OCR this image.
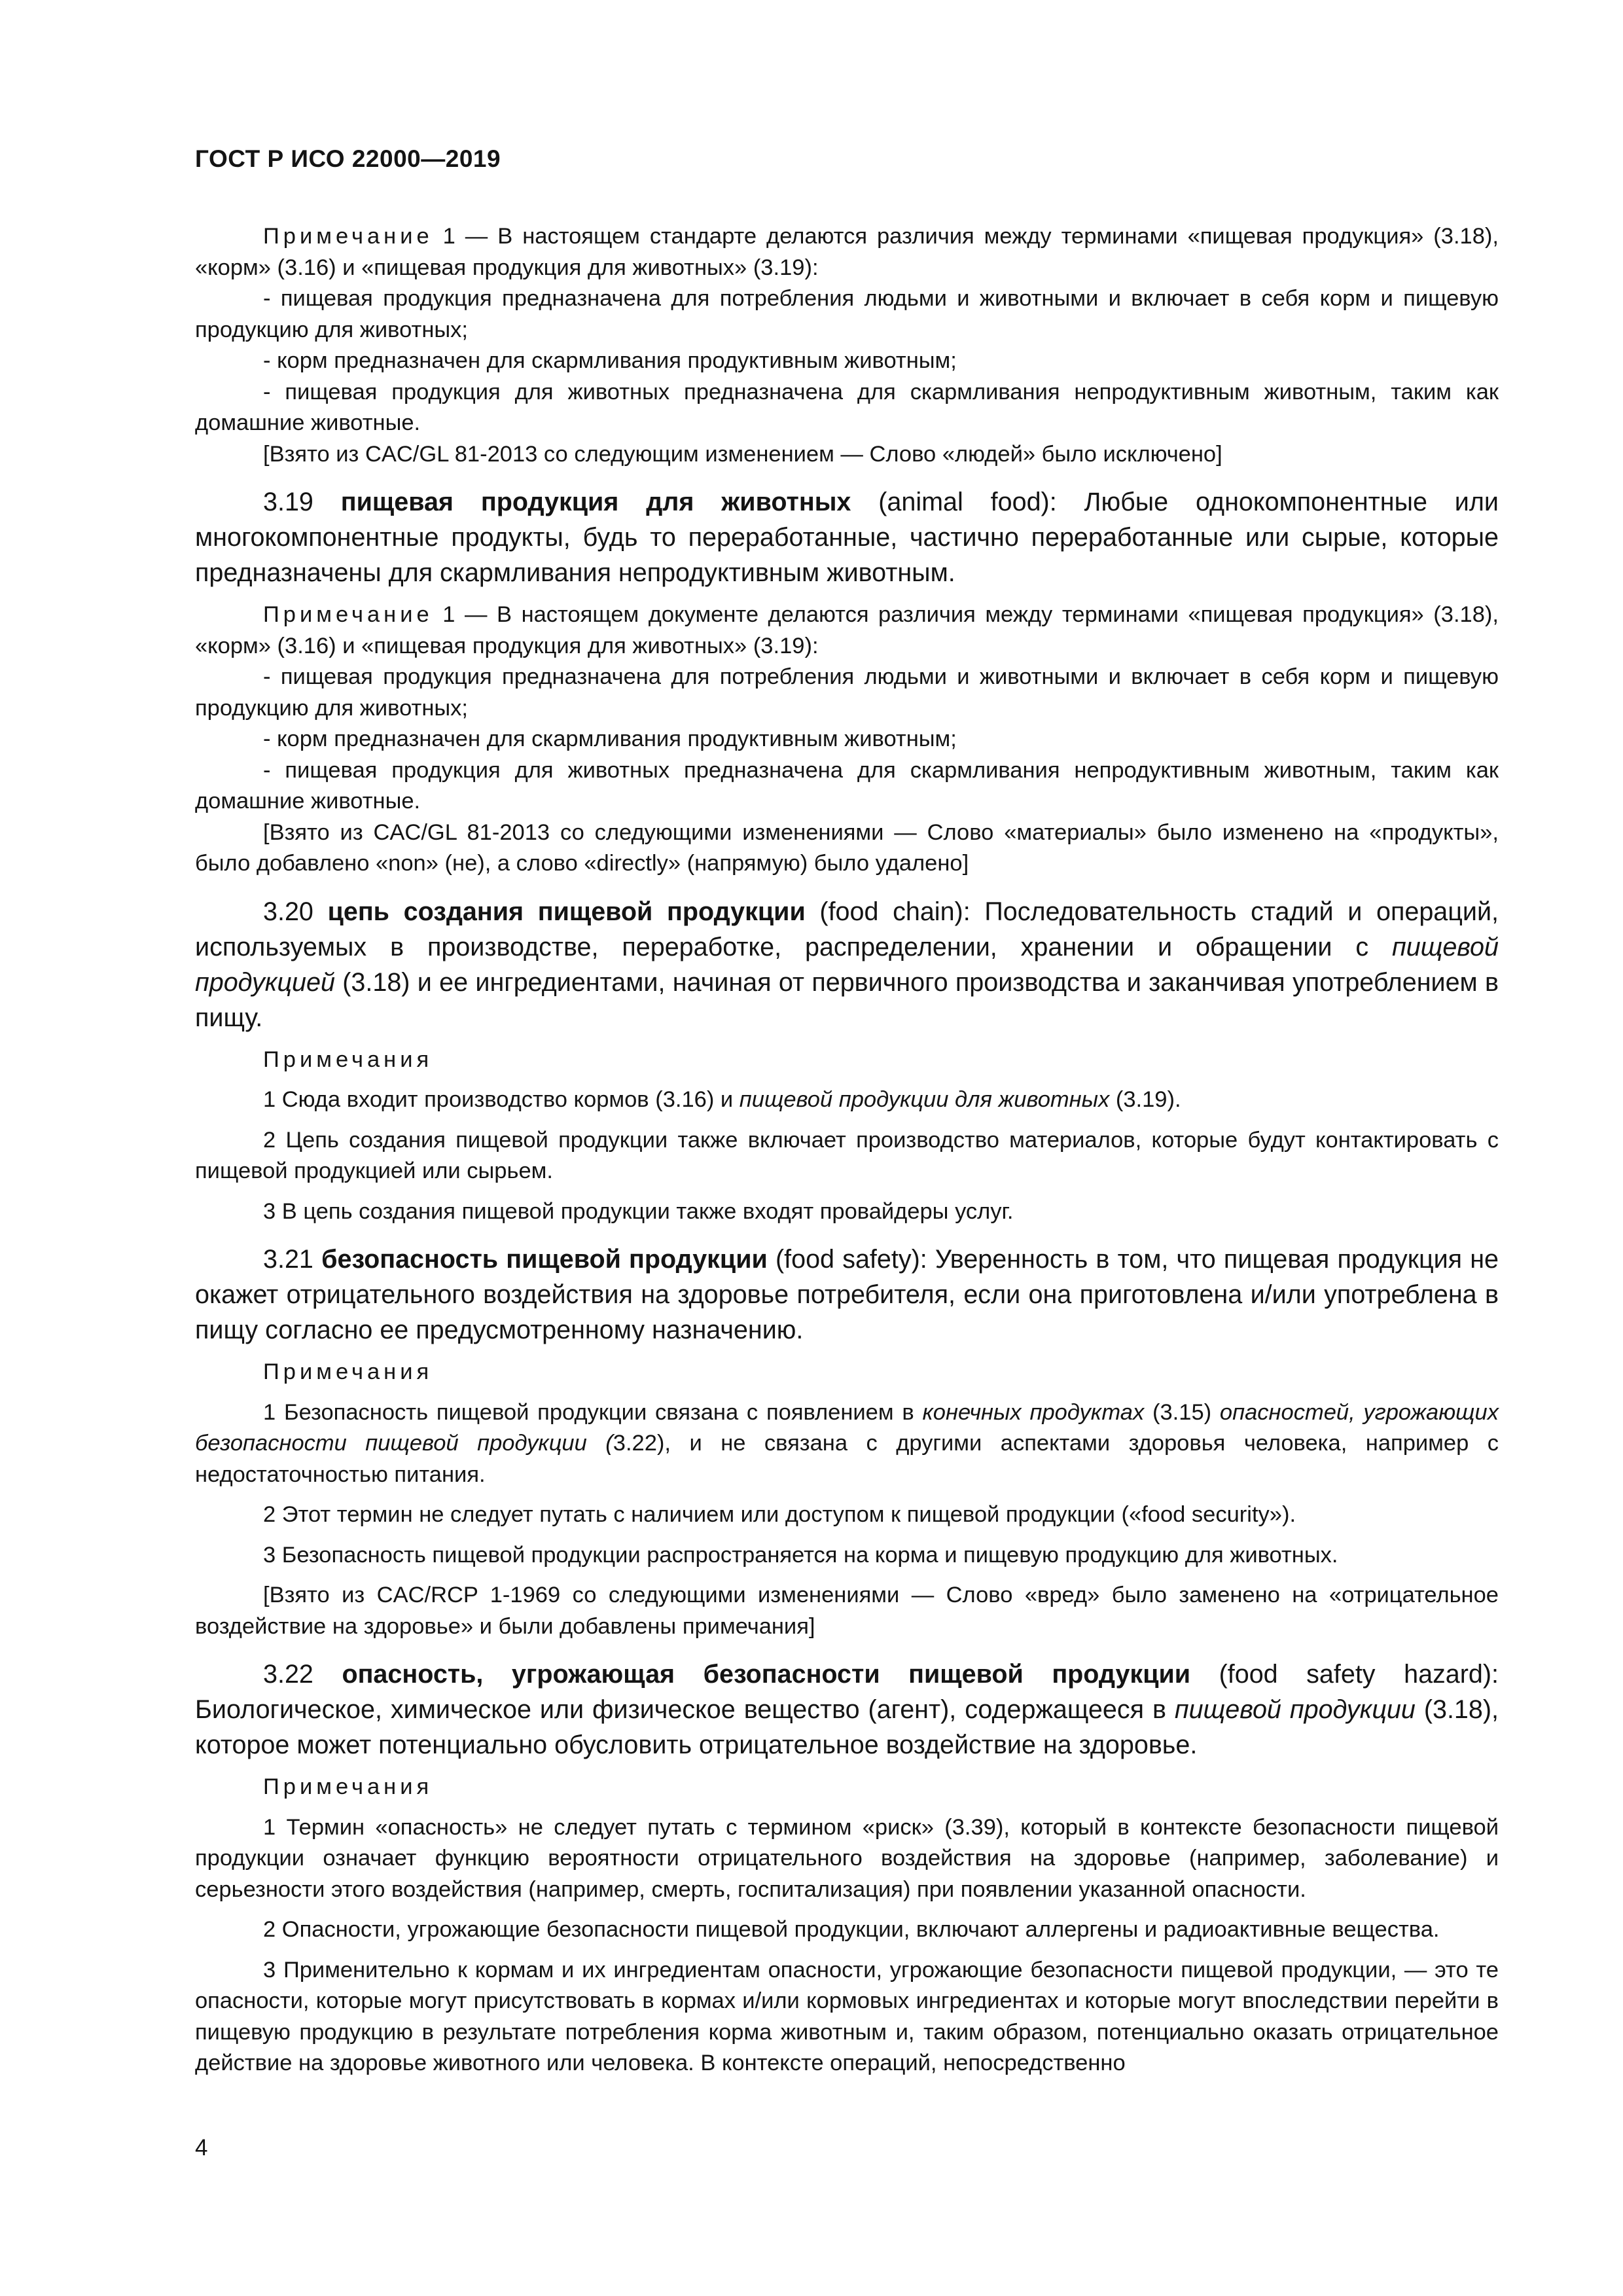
ГОСТ Р ИСО 22000—2019

Примечание 1 — В настоящем стандарте делаются различия между терминами «пищевая продукция» (3.18), «корм» (3.16) и «пищевая продукция для животных» (3.19):

- пищевая продукция предназначена для потребления людьми и животными и включает в себя корм и пищевую продукцию для животных;

- корм предназначен для скармливания продуктивным животным;

- пищевая продукция для животных предназначена для скармливания непродуктивным животным, таким как домашние животные.

[Взято из CAC/GL 81-2013 со следующим изменением — Слово «людей» было исключено]

3.19 пищевая продукция для животных (animal food): Любые однокомпонентные или многокомпонентные продукты, будь то переработанные, частично переработанные или сырые, которые предназначены для скармливания непродуктивным животным.

Примечание 1 — В настоящем документе делаются различия между терминами «пищевая продукция» (3.18), «корм» (3.16) и «пищевая продукция для животных» (3.19):

- пищевая продукция предназначена для потребления людьми и животными и включает в себя корм и пищевую продукцию для животных;

- корм предназначен для скармливания продуктивным животным;

- пищевая продукция для животных предназначена для скармливания непродуктивным животным, таким как домашние животные.

[Взято из CAC/GL 81-2013 со следующими изменениями — Слово «материалы» было изменено на «продукты», было добавлено «non» (не), а слово «directly» (напрямую) было удалено]

3.20 цепь создания пищевой продукции (food chain): Последовательность стадий и операций, используемых в производстве, переработке, распределении, хранении и обращении с пищевой продукцией (3.18) и ее ингредиентами, начиная от первичного производства и заканчивая употреблением в пищу.

Примечания

1 Сюда входит производство кормов (3.16) и пищевой продукции для животных (3.19).

2 Цепь создания пищевой продукции также включает производство материалов, которые будут контактировать с пищевой продукцией или сырьем.

3 В цепь создания пищевой продукции также входят провайдеры услуг.

3.21 безопасность пищевой продукции (food safety): Уверенность в том, что пищевая продукция не окажет отрицательного воздействия на здоровье потребителя, если она приготовлена и/или употреблена в пищу согласно ее предусмотренному назначению.

Примечания

1 Безопасность пищевой продукции связана с появлением в конечных продуктах (3.15) опасностей, угрожающих безопасности пищевой продукции (3.22), и не связана с другими аспектами здоровья человека, например с недостаточностью питания.

2 Этот термин не следует путать с наличием или доступом к пищевой продукции («food security»).

3 Безопасность пищевой продукции распространяется на корма и пищевую продукцию для животных.

[Взято из CAC/RCP 1-1969 со следующими изменениями — Слово «вред» было заменено на «отрицательное воздействие на здоровье» и были добавлены примечания]

3.22 опасность, угрожающая безопасности пищевой продукции (food safety hazard): Биологическое, химическое или физическое вещество (агент), содержащееся в пищевой продукции (3.18), которое может потенциально обусловить отрицательное воздействие на здоровье.

Примечания

1 Термин «опасность» не следует путать с термином «риск» (3.39), который в контексте безопасности пищевой продукции означает функцию вероятности отрицательного воздействия на здоровье (например, заболевание) и серьезности этого воздействия (например, смерть, госпитализация) при появлении указанной опасности.

2 Опасности, угрожающие безопасности пищевой продукции, включают аллергены и радиоактивные вещества.

3 Применительно к кормам и их ингредиентам опасности, угрожающие безопасности пищевой продукции, — это те опасности, которые могут присутствовать в кормах и/или кормовых ингредиентах и которые могут впоследствии перейти в пищевую продукцию в результате потребления корма животным и, таким образом, потенциально оказать отрицательное действие на здоровье животного или человека. В контексте операций, непосредственно

4
